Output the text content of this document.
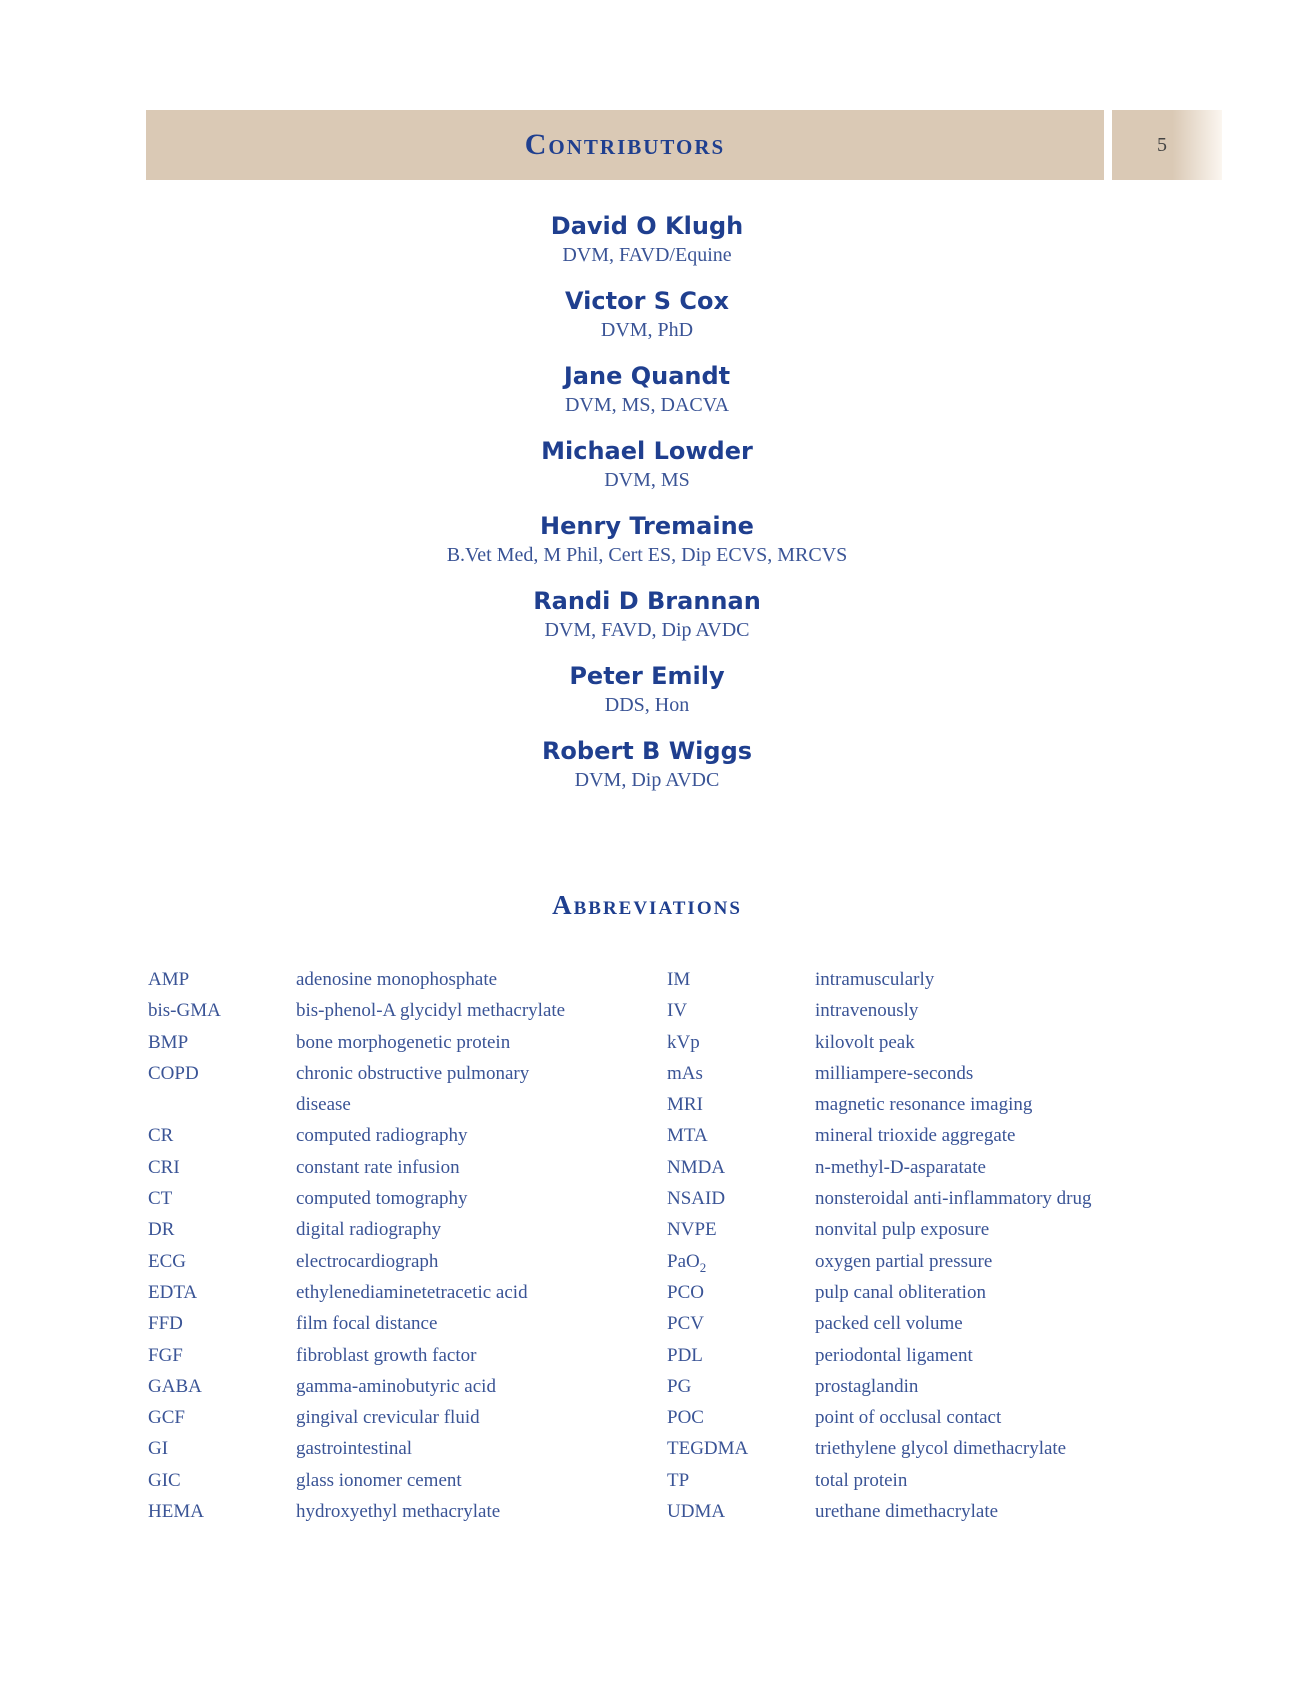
Contributors	5
David O Klugh
DVM, FAVD/Equine
Victor S Cox
DVM, PhD
Jane Quandt
DVM, MS, DACVA
Michael Lowder
DVM, MS
Henry Tremaine
B.Vet Med, M Phil, Cert ES, Dip ECVS, MRCVS
Randi D Brannan
DVM, FAVD, Dip AVDC
Peter Emily
DDS, Hon
Robert B Wiggs
DVM, Dip AVDC
Abbreviations
AMP	adenosine monophosphate
bis-GMA	bis-phenol-A glycidyl methacrylate
BMP	bone morphogenetic protein
COPD	chronic obstructive pulmonary
disease
CR	computed radiography
CRI	constant rate infusion
CT	computed tomography
DR	digital radiography
ECG	electrocardiograph
EDTA	ethylenediaminetetracetic acid
FFD	film focal distance
FGF	fibroblast growth factor
GABA	gamma-aminobutyric acid
GCF	gingival crevicular fluid
GI	gastrointestinal
GIC	glass ionomer cement
HEMA	hydroxyethyl methacrylate
IM	intramuscularly
IV	intravenously
kVp	kilovolt peak
mAs	milliampere-seconds
MRI	magnetic resonance imaging
MTA	mineral trioxide aggregate
NMDA	n-methyl-D-asparatate
NSAID	nonsteroidal anti-inflammatory drug
NVPE	nonvital pulp exposure
PaO$_2$	oxygen partial pressure
PCO	pulp canal obliteration
PCV	packed cell volume
PDL	periodontal ligament
PG	prostaglandin
POC	point of occlusal contact
TEGDMA	triethylene glycol dimethacrylate
TP	total protein
UDMA	urethane dimethacrylate
